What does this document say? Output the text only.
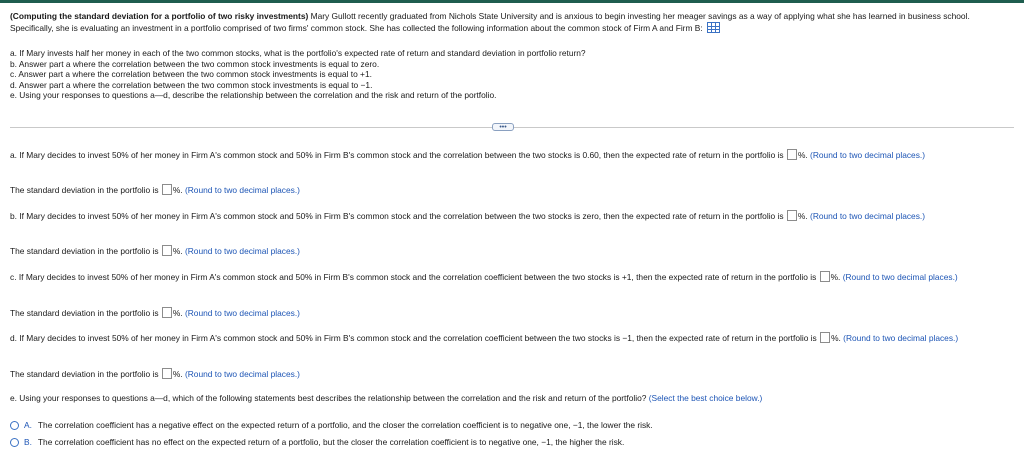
(Computing the standard deviation for a portfolio of two risky investments) Mary Gullott recently graduated from Nichols State University and is anxious to begin investing her meager savings as a way of applying what she has learned in business school. Specifically, she is evaluating an investment in a portfolio comprised of two firms' common stock. She has collected the following information about the common stock of Firm A and Firm B:
a. If Mary invests half her money in each of the two common stocks, what is the portfolio's expected rate of return and standard deviation in portfolio return?
b. Answer part a where the correlation between the two common stock investments is equal to zero.
c. Answer part a where the correlation between the two common stock investments is equal to +1.
d. Answer part a where the correlation between the two common stock investments is equal to −1.
e. Using your responses to questions a—d, describe the relationship between the correlation and the risk and return of the portfolio.
•••
a. If Mary decides to invest 50% of her money in Firm A's common stock and 50% in Firm B's common stock and the correlation between the two stocks is 0.60, then the expected rate of return in the portfolio is %. (Round to two decimal places.)
The standard deviation in the portfolio is %. (Round to two decimal places.)
b. If Mary decides to invest 50% of her money in Firm A's common stock and 50% in Firm B's common stock and the correlation between the two stocks is zero, then the expected rate of return in the portfolio is %. (Round to two decimal places.)
The standard deviation in the portfolio is %. (Round to two decimal places.)
c. If Mary decides to invest 50% of her money in Firm A's common stock and 50% in Firm B's common stock and the correlation coefficient between the two stocks is +1, then the expected rate of return in the portfolio is %. (Round to two decimal places.)
The standard deviation in the portfolio is %. (Round to two decimal places.)
d. If Mary decides to invest 50% of her money in Firm A's common stock and 50% in Firm B's common stock and the correlation coefficient between the two stocks is −1, then the expected rate of return in the portfolio is %. (Round to two decimal places.)
The standard deviation in the portfolio is %. (Round to two decimal places.)
e. Using your responses to questions a—d, which of the following statements best describes the relationship between the correlation and the risk and return of the portfolio? (Select the best choice below.)
A. The correlation coefficient has a negative effect on the expected return of a portfolio, and the closer the correlation coefficient is to negative one, −1, the lower the risk.
B. The correlation coefficient has no effect on the expected return of a portfolio, but the closer the correlation coefficient is to negative one, −1, the higher the risk.
